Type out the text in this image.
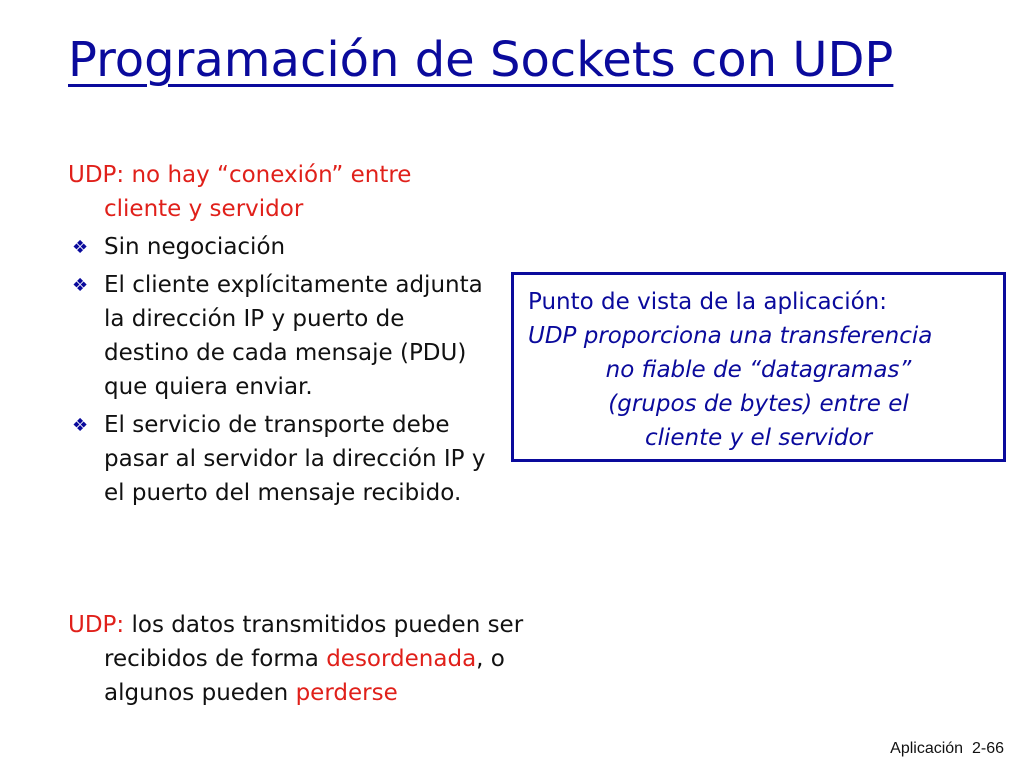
Programación de Sockets con UDP
UDP: no hay “conexión” entre
cliente y servidor
❖ Sin negociación
❖ El cliente explícitamente adjunta la dirección IP y puerto de destino de cada mensaje (PDU) que quiera enviar.
❖ El servicio de transporte debe pasar al servidor la dirección IP y el puerto del mensaje recibido.
UDP: los datos transmitidos pueden ser recibidos de forma desordenada, o algunos pueden perderse
Punto de vista de la aplicación:
UDP proporciona una transferencia
no fiable de “datagramas”
(grupos de bytes) entre el
cliente y el servidor
Aplicación 2-66
